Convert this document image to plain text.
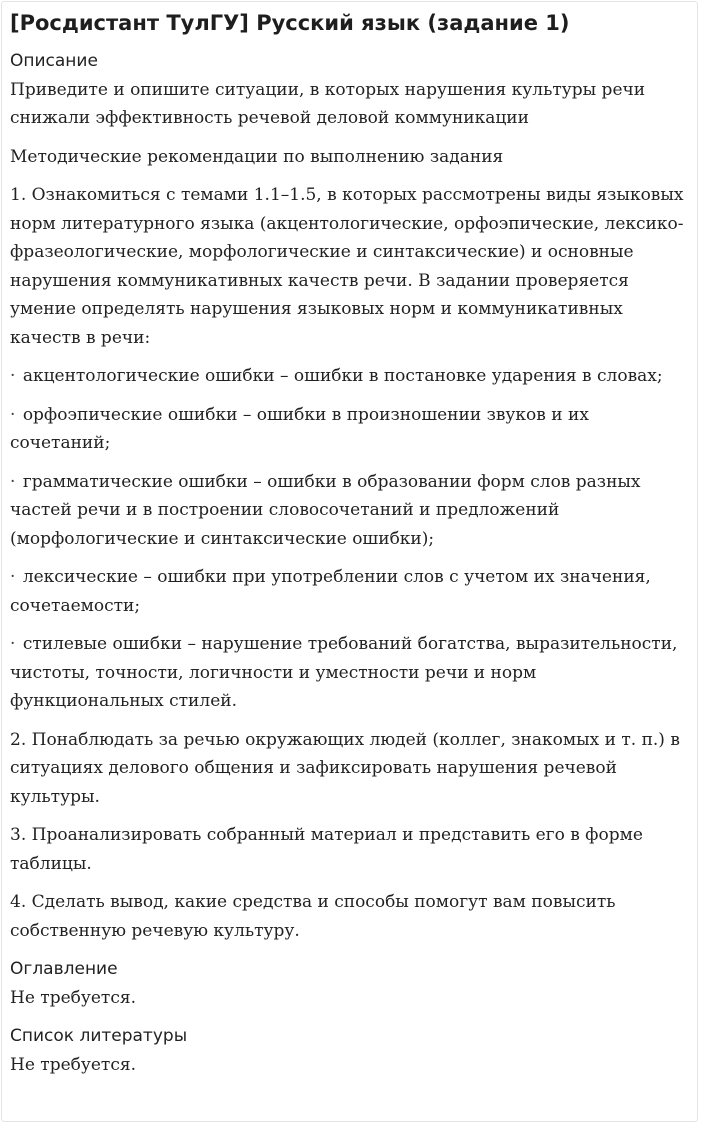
[Росдистант ТулГУ] Русский язык (задание 1)
Описание
Приведите и опишите ситуации, в которых нарушения культуры речи снижали эффективность речевой деловой коммуникации
Методические рекомендации по выполнению задания
1. Ознакомиться с темами 1.1–1.5, в которых рассмотрены виды языковых норм литературного языка (акцентологические, орфоэпические, лексико-фразеологические, морфологические и синтаксические) и основные нарушения коммуникативных качеств речи. В задании проверяется умение определять нарушения языковых норм и коммуникативных качеств в речи:
· акцентологические ошибки – ошибки в постановке ударения в словах;
· орфоэпические ошибки – ошибки в произношении звуков и их сочетаний;
· грамматические ошибки – ошибки в образовании форм слов разных частей речи и в построении словосочетаний и предложений (морфологические и синтаксические ошибки);
· лексические – ошибки при употреблении слов с учетом их значения, сочетаемости;
· стилевые ошибки – нарушение требований богатства, выразительности, чистоты, точности, логичности и уместности речи и норм функциональных стилей.
2. Понаблюдать за речью окружающих людей (коллег, знакомых и т. п.) в ситуациях делового общения и зафиксировать нарушения речевой культуры.
3. Проанализировать собранный материал и представить его в форме таблицы.
4. Сделать вывод, какие средства и способы помогут вам повысить собственную речевую культуру.
Оглавление
Не требуется.
Список литературы
Не требуется.
